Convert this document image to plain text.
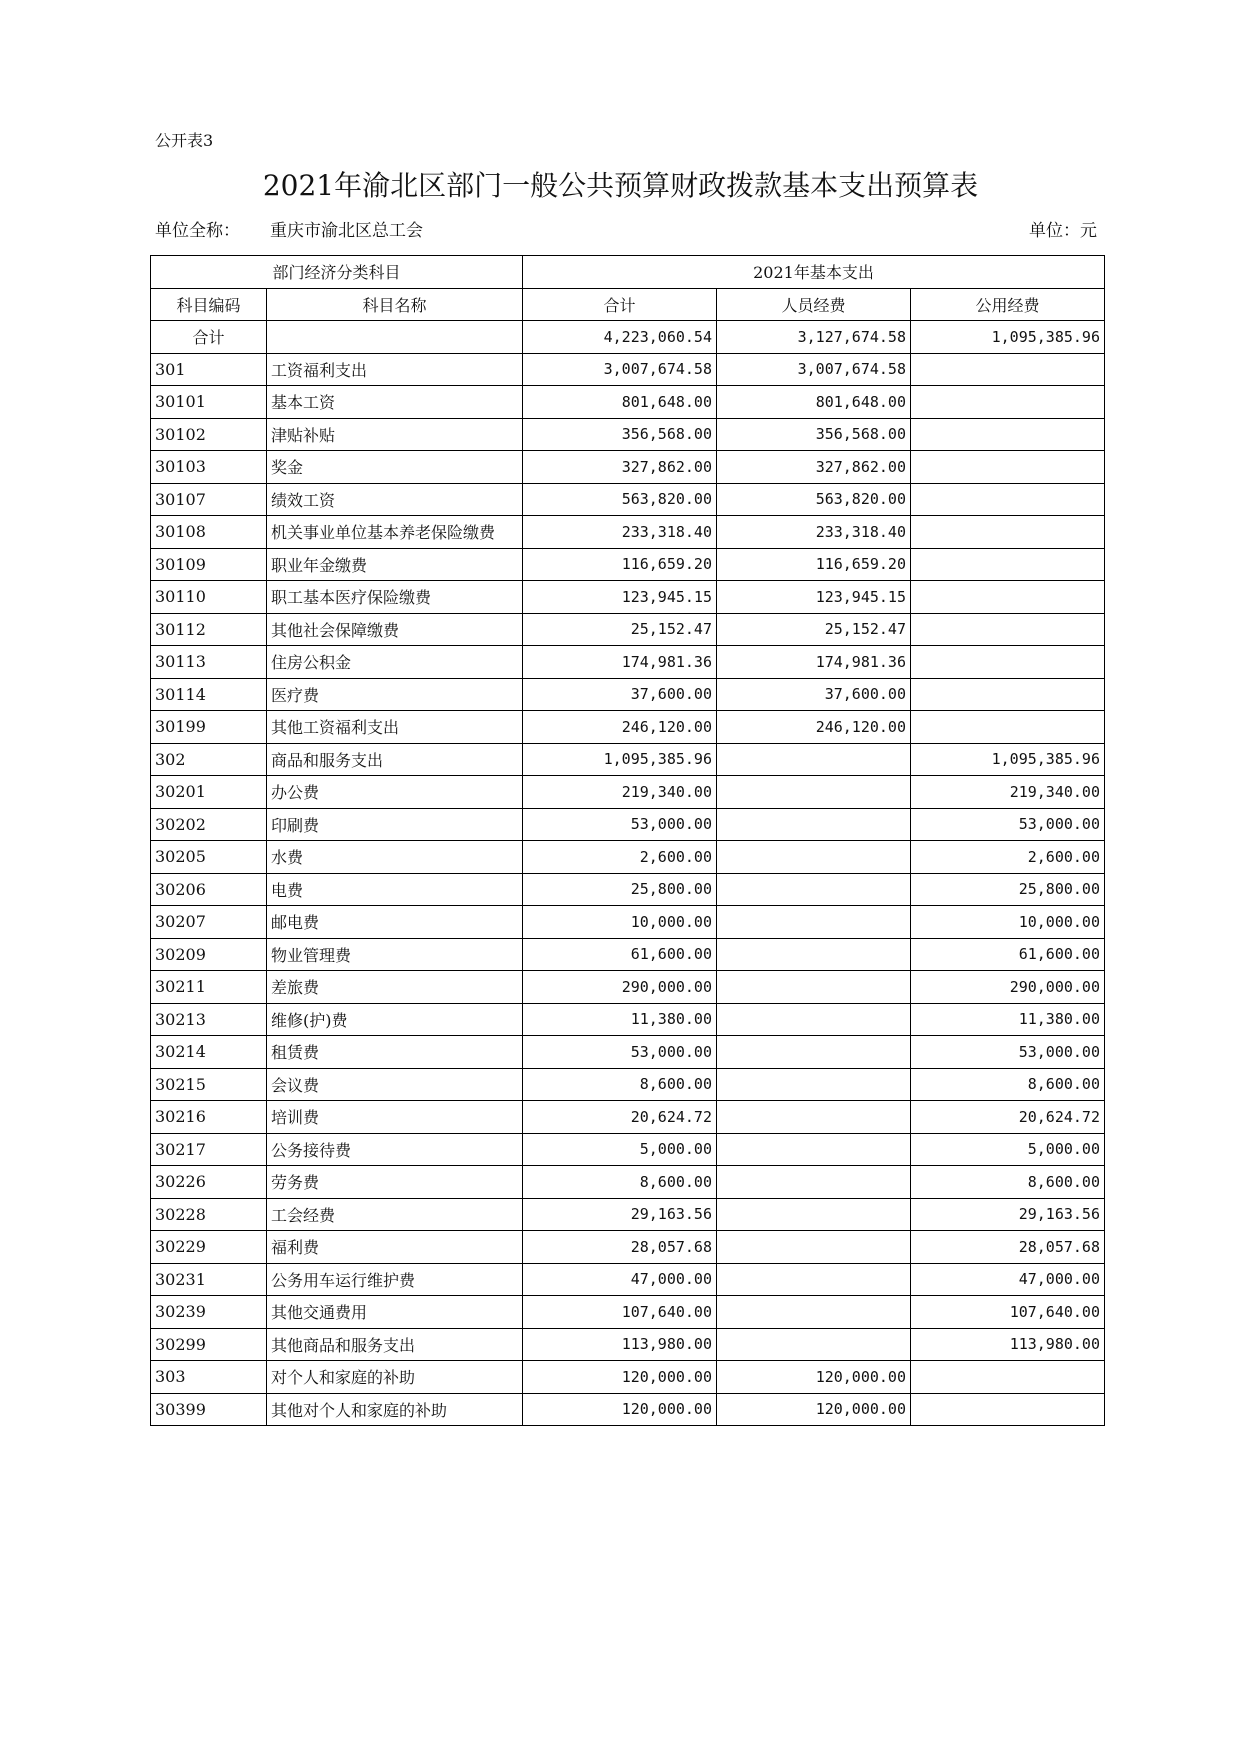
公开表3
2021年渝北区部门一般公共预算财政拨款基本支出预算表
单位全称： 重庆市渝北区总工会	单位：元
部门经济分类科目		2021年基本支出		
科目编码	科目名称	合计	人员经费	公用经费
合计		4,223,060.54	3,127,674.58	1,095,385.96
301	工资福利支出	3,007,674.58	3,007,674.58	
30101	基本工资	801,648.00	801,648.00	
30102	津贴补贴	356,568.00	356,568.00	
30103	奖金	327,862.00	327,862.00	
30107	绩效工资	563,820.00	563,820.00	
30108	机关事业单位基本养老保险缴费	233,318.40	233,318.40	
30109	职业年金缴费	116,659.20	116,659.20	
30110	职工基本医疗保险缴费	123,945.15	123,945.15	
30112	其他社会保障缴费	25,152.47	25,152.47	
30113	住房公积金	174,981.36	174,981.36	
30114	医疗费	37,600.00	37,600.00	
30199	其他工资福利支出	246,120.00	246,120.00	
302	商品和服务支出	1,095,385.96		1,095,385.96
30201	办公费	219,340.00		219,340.00
30202	印刷费	53,000.00		53,000.00
30205	水费	2,600.00		2,600.00
30206	电费	25,800.00		25,800.00
30207	邮电费	10,000.00		10,000.00
30209	物业管理费	61,600.00		61,600.00
30211	差旅费	290,000.00		290,000.00
30213	维修(护)费	11,380.00		11,380.00
30214	租赁费	53,000.00		53,000.00
30215	会议费	8,600.00		8,600.00
30216	培训费	20,624.72		20,624.72
30217	公务接待费	5,000.00		5,000.00
30226	劳务费	8,600.00		8,600.00
30228	工会经费	29,163.56		29,163.56
30229	福利费	28,057.68		28,057.68
30231	公务用车运行维护费	47,000.00		47,000.00
30239	其他交通费用	107,640.00		107,640.00
30299	其他商品和服务支出	113,980.00		113,980.00
303	对个人和家庭的补助	120,000.00	120,000.00	
30399	其他对个人和家庭的补助	120,000.00	120,000.00	
